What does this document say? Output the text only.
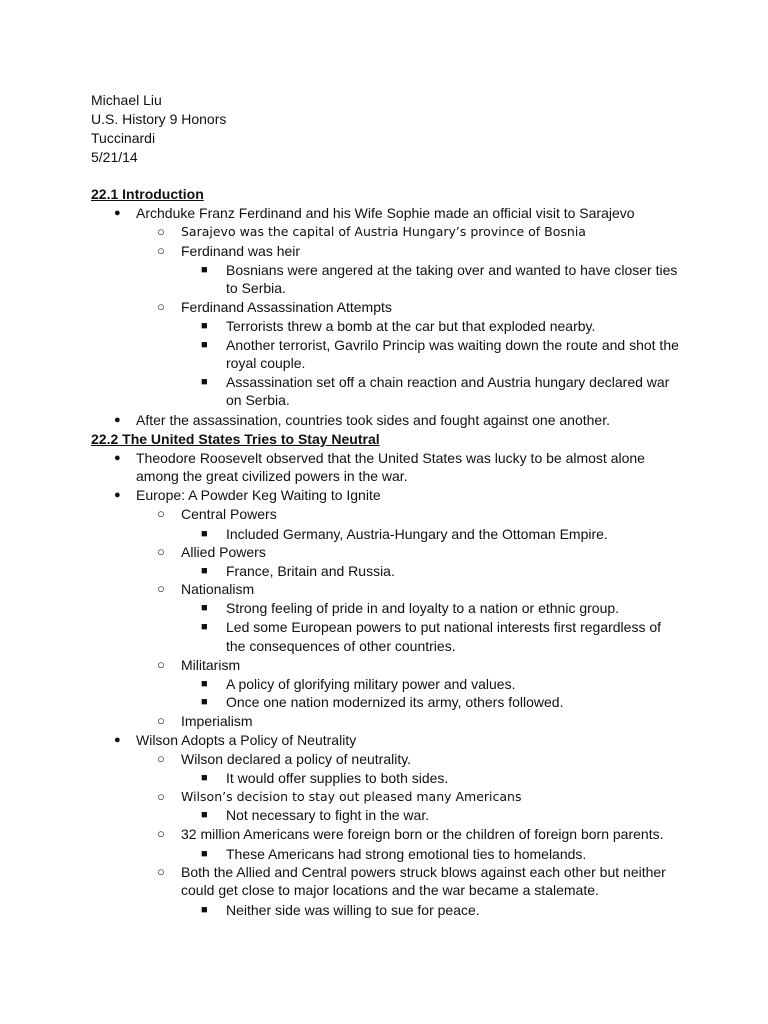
Michael Liu
U.S. History 9 Honors
Tuccinardi
5/21/14
22.1 Introduction
● Archduke Franz Ferdinand and his Wife Sophie made an official visit to Sarajevo
○ Sarajevo was the capital of Austria Hungary’s province of Bosnia
○ Ferdinand was heir
■ Bosnians were angered at the taking over and wanted to have closer ties
to Serbia.
○ Ferdinand Assassination Attempts
■ Terrorists threw a bomb at the car but that exploded nearby.
■ Another terrorist, Gavrilo Princip was waiting down the route and shot the
royal couple.
■ Assassination set off a chain reaction and Austria hungary declared war
on Serbia.
● After the assassination, countries took sides and fought against one another.
22.2 The United States Tries to Stay Neutral
● Theodore Roosevelt observed that the United States was lucky to be almost alone
among the great civilized powers in the war.
● Europe: A Powder Keg Waiting to Ignite
○ Central Powers
■ Included Germany, Austria-Hungary and the Ottoman Empire.
○ Allied Powers
■ France, Britain and Russia.
○ Nationalism
■ Strong feeling of pride in and loyalty to a nation or ethnic group.
■ Led some European powers to put national interests first regardless of
the consequences of other countries.
○ Militarism
■ A policy of glorifying military power and values.
■ Once one nation modernized its army, others followed.
○ Imperialism
● Wilson Adopts a Policy of Neutrality
○ Wilson declared a policy of neutrality.
■ It would offer supplies to both sides.
○ Wilson’s decision to stay out pleased many Americans
■ Not necessary to fight in the war.
○ 32 million Americans were foreign born or the children of foreign born parents.
■ These Americans had strong emotional ties to homelands.
○ Both the Allied and Central powers struck blows against each other but neither
could get close to major locations and the war became a stalemate.
■ Neither side was willing to sue for peace.
